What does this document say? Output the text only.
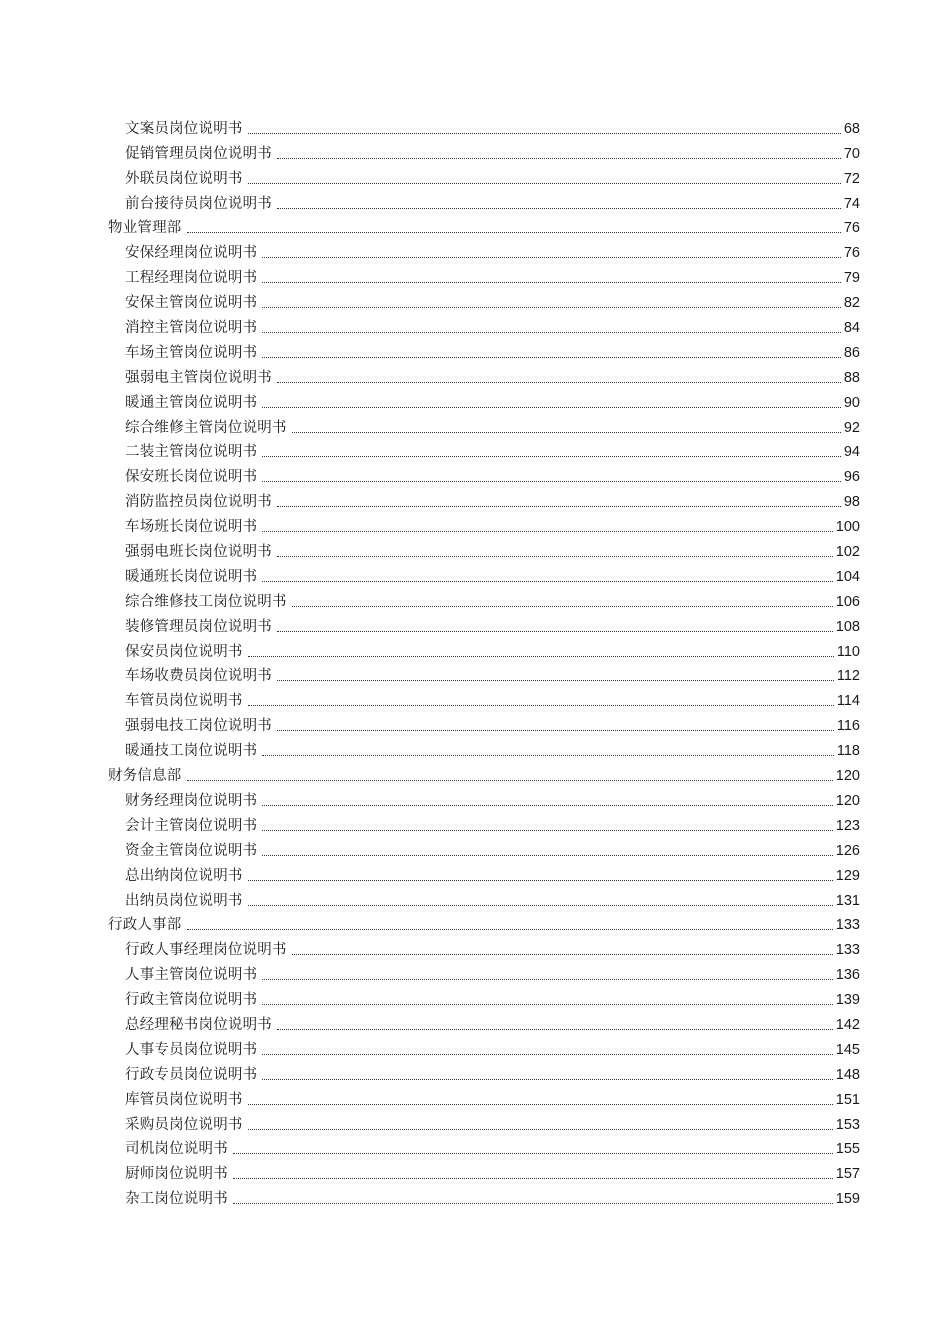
文案员岗位说明书	68
促销管理员岗位说明书	70
外联员岗位说明书	72
前台接待员岗位说明书	74
物业管理部	76
安保经理岗位说明书	76
工程经理岗位说明书	79
安保主管岗位说明书	82
消控主管岗位说明书	84
车场主管岗位说明书	86
强弱电主管岗位说明书	88
暖通主管岗位说明书	90
综合维修主管岗位说明书	92
二装主管岗位说明书	94
保安班长岗位说明书	96
消防监控员岗位说明书	98
车场班长岗位说明书	100
强弱电班长岗位说明书	102
暖通班长岗位说明书	104
综合维修技工岗位说明书	106
装修管理员岗位说明书	108
保安员岗位说明书	110
车场收费员岗位说明书	112
车管员岗位说明书	114
强弱电技工岗位说明书	116
暖通技工岗位说明书	118
财务信息部	120
财务经理岗位说明书	120
会计主管岗位说明书	123
资金主管岗位说明书	126
总出纳岗位说明书	129
出纳员岗位说明书	131
行政人事部	133
行政人事经理岗位说明书	133
人事主管岗位说明书	136
行政主管岗位说明书	139
总经理秘书岗位说明书	142
人事专员岗位说明书	145
行政专员岗位说明书	148
库管员岗位说明书	151
采购员岗位说明书	153
司机岗位说明书	155
厨师岗位说明书	157
杂工岗位说明书	159
